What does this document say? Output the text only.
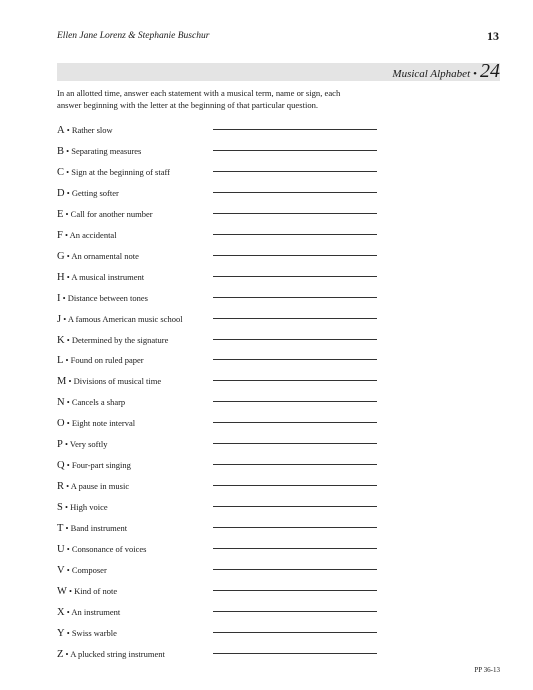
Ellen Jane Lorenz & Stephanie Buschur	13
Musical Alphabet • 24
In an allotted time, answer each statement with a musical term, name or sign, each answer beginning with the letter at the beginning of that particular question.
A • Rather slow
B • Separating measures
C • Sign at the beginning of staff
D • Getting softer
E • Call for another number
F • An accidental
G • An ornamental note
H • A musical instrument
I • Distance between tones
J • A famous American music school
K • Determined by the signature
L • Found on ruled paper
M • Divisions of musical time
N • Cancels a sharp
O • Eight note interval
P • Very softly
Q • Four-part singing
R • A pause in music
S • High voice
T • Band instrument
U • Consonance of voices
V • Composer
W • Kind of note
X • An instrument
Y • Swiss warble
Z • A plucked string instrument
PP 36-13
